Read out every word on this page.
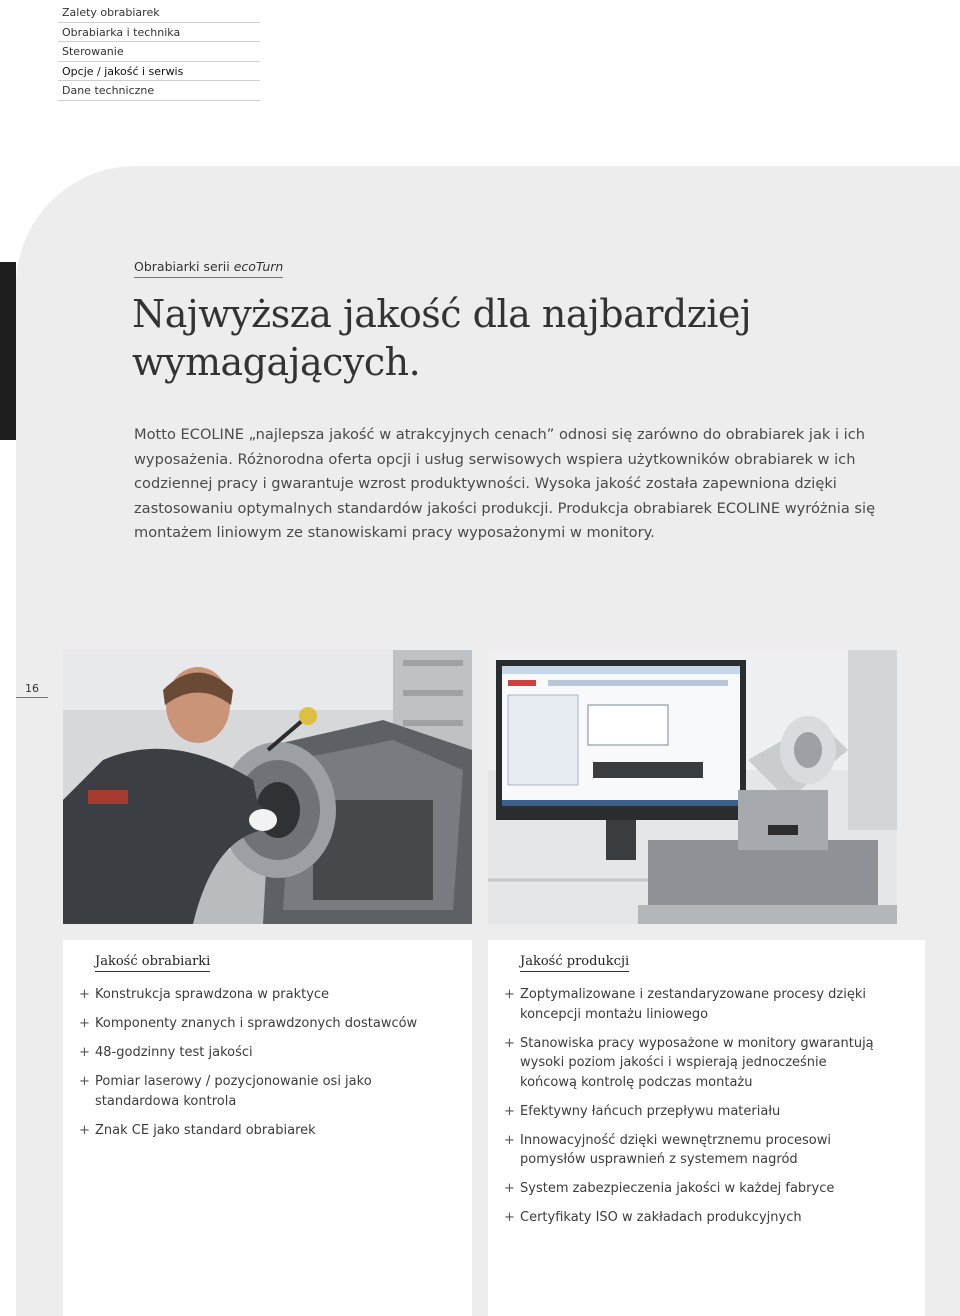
Zalety obrabiarek
Obrabiarka i technika
Sterowanie
Opcje / jakość i serwis
Dane techniczne
Obrabiarki serii ecoTurn
Najwyższa jakość dla najbardziej wymagających.

Motto ECOLINE „najlepsza jakość w atrakcyjnych cenach” odnosi się zarówno do obrabiarek jak i ich wyposażenia. Różnorodna oferta opcji i usług serwisowych wspiera użytkowników obrabiarek w ich codziennej pracy i gwarantuje wzrost produktywności. Wysoka jakość została zapewniona dzięki zastosowaniu optymalnych standardów jakości produkcji. Produkcja obrabiarek ECOLINE wyróżnia się montażem liniowym ze stanowiskami pracy wyposażonymi w monitory.

16
Jakość obrabiarki
+ Konstrukcja sprawdzona w praktyce
+ Komponenty znanych i sprawdzonych dostawców
+ 48-godzinny test jakości
+ Pomiar laserowy / pozycjonowanie osi jako standardowa kontrola
+ Znak CE jako standard obrabiarek
Jakość produkcji
+ Zoptymalizowane i zestandaryzowane procesy dzięki koncepcji montażu liniowego
+ Stanowiska pracy wyposażone w monitory gwarantują wysoki poziom jakości i wspierają jednocześnie końcową kontrolę podczas montażu
+ Efektywny łańcuch przepływu materiału
+ Innowacyjność dzięki wewnętrznemu procesowi pomysłów usprawnień z systemem nagród
+ System zabezpieczenia jakości w każdej fabryce
+ Certyfikaty ISO w zakładach produkcyjnych
